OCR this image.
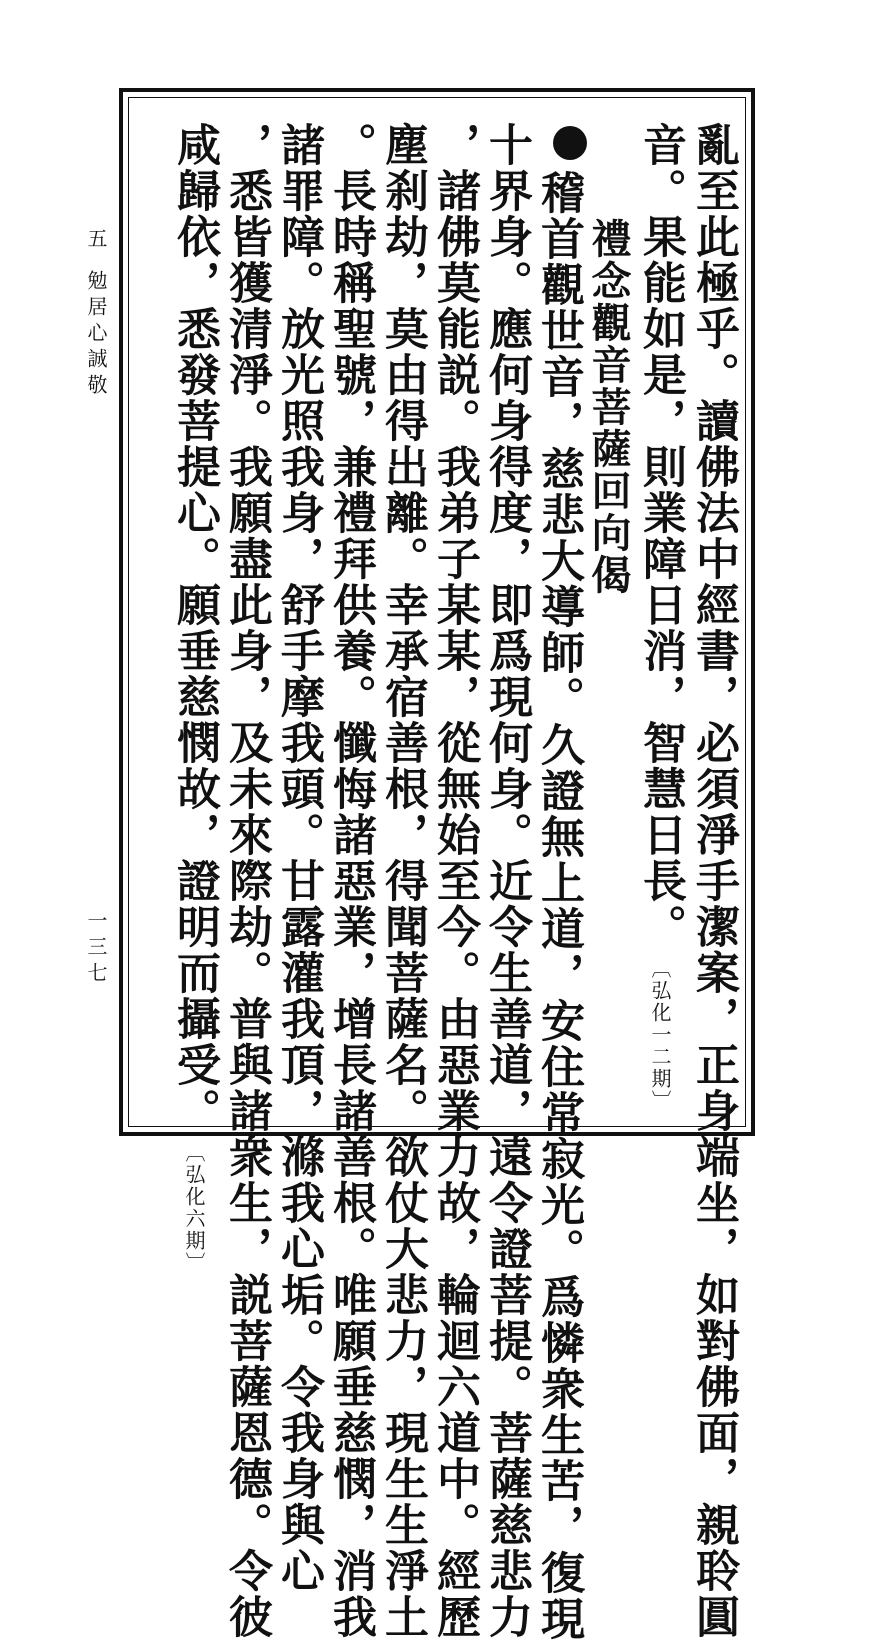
五
勉居心誠敬
一三七	亂至此極乎。讀佛法中經書，必須淨手潔案，正身端坐，如對佛面，親聆圓
音。果能如是，則業障日消，智慧日長。〔弘化一二期〕
禮念觀音菩薩回向偈
稽首觀世音，慈悲大導師。久證無上道，安住常寂光。爲憐衆生苦，復現
十界身。應何身得度，即爲現何身。近令生善道，遠令證菩提。菩薩慈悲力
，諸佛莫能説。我弟子某某，從無始至今。由惡業力故，輪迴六道中。經歷
塵刹劫，莫由得出離。幸承宿善根，得聞菩薩名。欲仗大悲力，現生生淨土
。長時稱聖號，兼禮拜供養。懺悔諸惡業，增長諸善根。唯願垂慈憫，消我
諸罪障。放光照我身，舒手摩我頭。甘露灌我頂，滌我心垢。令我身與心
，悉皆獲清淨。我願盡此身，及未來際劫。普與諸衆生，説菩薩恩德。令彼
咸歸依，悉發菩提心。願垂慈憫故，證明而攝受。〔弘化六期〕
